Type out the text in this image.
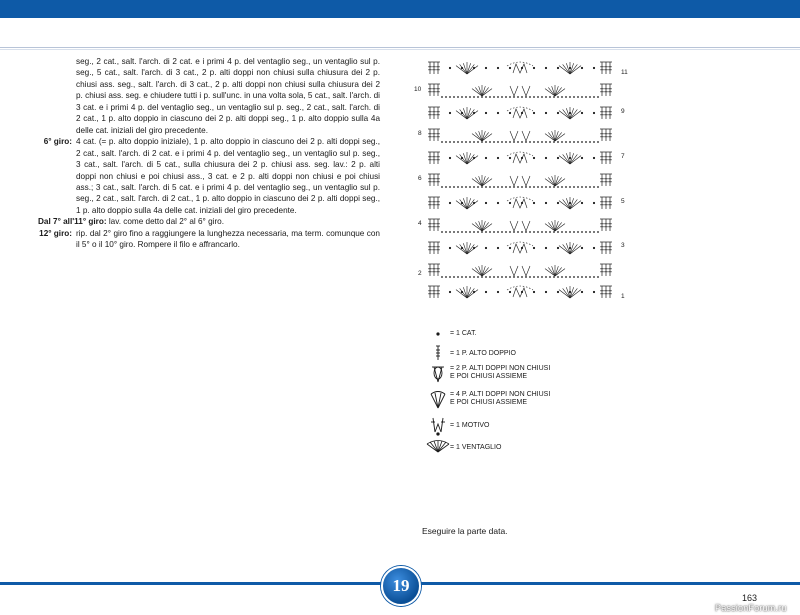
seg., 2 cat., salt. l'arch. di 2 cat. e i primi 4 p. del ventaglio seg., un ventaglio sul p. seg., 5 cat., salt. l'arch. di 3 cat., 2 p. alti doppi non chiusi sulla chiusura dei 2 p. chiusi ass. seg., salt. l'arch. di 3 cat., 2 p. alti doppi non chiusi sulla chiusura dei 2 p. chiusi ass. seg. e chiudere tutti i p. sull'unc. in una volta sola, 5 cat., salt. l'arch. di 3 cat. e i primi 4 p. del ventaglio seg., un ventaglio sul p. seg., 2 cat., salt. l'arch. di 2 cat., 1 p. alto doppio in ciascuno dei 2 p. alti doppi seg., 1 p. alto doppio sulla 4a delle cat. iniziali del giro precedente.
6° giro: 4 cat. (= p. alto doppio iniziale), 1 p. alto doppio in ciascuno dei 2 p. alti doppi seg., 2 cat., salt. l'arch. di 2 cat. e i primi 4 p. del ventaglio seg., un ventaglio sul p. seg., 3 cat., salt. l'arch. di 5 cat., sulla chiusura dei 2 p. chiusi ass. seg. lav.: 2 p. alti doppi non chiusi e poi chiusi ass., 3 cat. e 2 p. alti doppi non chiusi e poi chiusi ass.; 3 cat., salt. l'arch. di 5 cat. e i primi 4 p. del ventaglio seg., un ventaglio sul p. seg., 2 cat., salt. l'arch. di 2 cat., 1 p. alto doppio in ciascuno dei 2 p. alti doppi seg., 1 p. alto doppio sulla 4a delle cat. iniziali del giro precedente.
Dal 7° all'11° giro: lav. come detto dal 2° al 6° giro.
12° giro: rip. dal 2° giro fino a raggiungere la lunghezza necessaria, ma term. comunque con il 5° o il 10° giro. Rompere il filo e affrancarlo.
10
8
6
4
2
11
9
7
5
3
1
= 1 CAT.
= 1 P. ALTO DOPPIO
= 2 P. ALTI DOPPI NON CHIUSI
E POI CHIUSI ASSIEME
= 4 P. ALTI DOPPI NON CHIUSI
E POI CHIUSI ASSIEME
= 1 MOTIVO
= 1 VENTAGLIO
Eseguire la parte data.
19
163
PassionForum.ru
